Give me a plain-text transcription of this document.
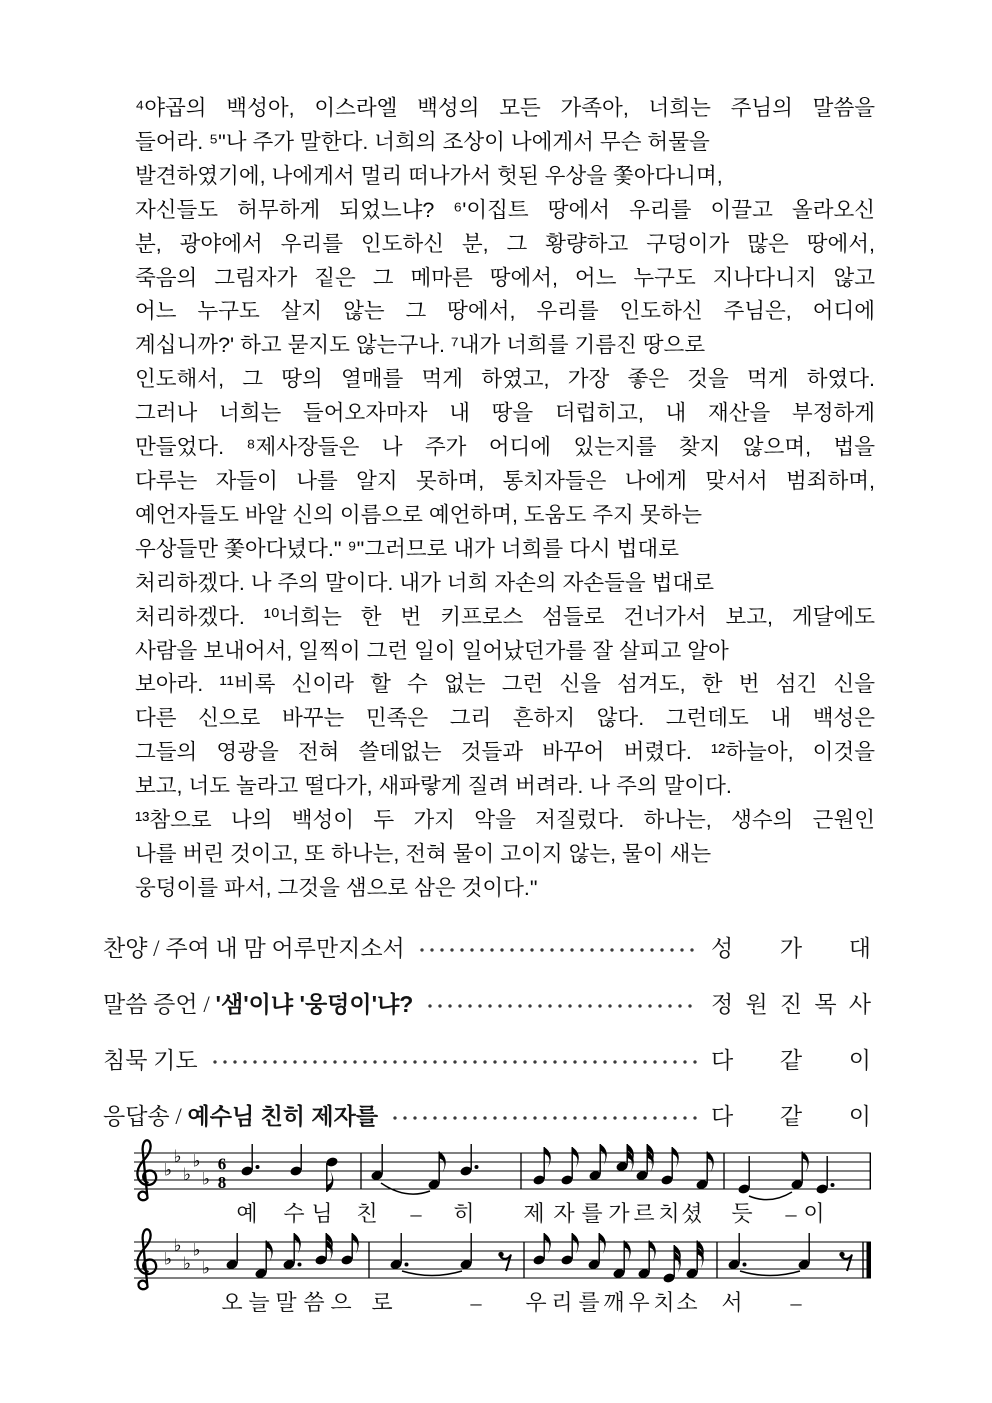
⁴야곱의 백성아, 이스라엘 백성의 모든 가족아, 너희는 주님의 말씀을
들어라. ⁵"나 주가 말한다. 너희의 조상이 나에게서 무슨 허물을
발견하였기에, 나에게서 멀리 떠나가서 헛된 우상을 쫓아다니며,
자신들도 허무하게 되었느냐? ⁶'이집트 땅에서 우리를 이끌고 올라오신
분, 광야에서 우리를 인도하신 분, 그 황량하고 구덩이가 많은 땅에서,
죽음의 그림자가 짙은 그 메마른 땅에서, 어느 누구도 지나다니지 않고
어느 누구도 살지 않는 그 땅에서, 우리를 인도하신 주님은, 어디에
계십니까?' 하고 묻지도 않는구나. ⁷내가 너희를 기름진 땅으로
인도해서, 그 땅의 열매를 먹게 하였고, 가장 좋은 것을 먹게 하였다.
그러나 너희는 들어오자마자 내 땅을 더럽히고, 내 재산을 부정하게
만들었다. ⁸제사장들은 나 주가 어디에 있는지를 찾지 않으며, 법을
다루는 자들이 나를 알지 못하며, 통치자들은 나에게 맞서서 범죄하며,
예언자들도 바알 신의 이름으로 예언하며, 도움도 주지 못하는
우상들만 쫓아다녔다." ⁹"그러므로 내가 너희를 다시 법대로
처리하겠다. 나 주의 말이다. 내가 너희 자손의 자손들을 법대로
처리하겠다. ¹⁰너희는 한 번 키프로스 섬들로 건너가서 보고, 게달에도
사람을 보내어서, 일찍이 그런 일이 일어났던가를 잘 살피고 알아
보아라. ¹¹비록 신이라 할 수 없는 그런 신을 섬겨도, 한 번 섬긴 신을
다른 신으로 바꾸는 민족은 그리 흔하지 않다. 그런데도 내 백성은
그들의 영광을 전혀 쓸데없는 것들과 바꾸어 버렸다. ¹²하늘아, 이것을
보고, 너도 놀라고 떨다가, 새파랗게 질려 버려라. 나 주의 말이다.
¹³참으로 나의 백성이 두 가지 악을 저질렀다. 하나는, 생수의 근원인
나를 버린 것이고, 또 하나는, 전혀 물이 고이지 않는, 물이 새는
웅덩이를 파서, 그것을 샘으로 삼은 것이다."
찬양 / 주여 내 맘 어루만지소서	성 가 대
말씀 증언 / '샘'이냐 '웅덩이'냐?	정 원 진 목 사
침묵 기도	다 같 이
응답송 / 예수님 친히 제자를	다 같 이
♭
♭
♭
♭
♭
6
8
예 수 님 친 – 히 제 자 를 가 르 치 셨 듯 – 이
♭
♭
♭
♭
♭
오 늘 말 씀 으 로	– 우 리 를 깨 우 치 소 서 –
